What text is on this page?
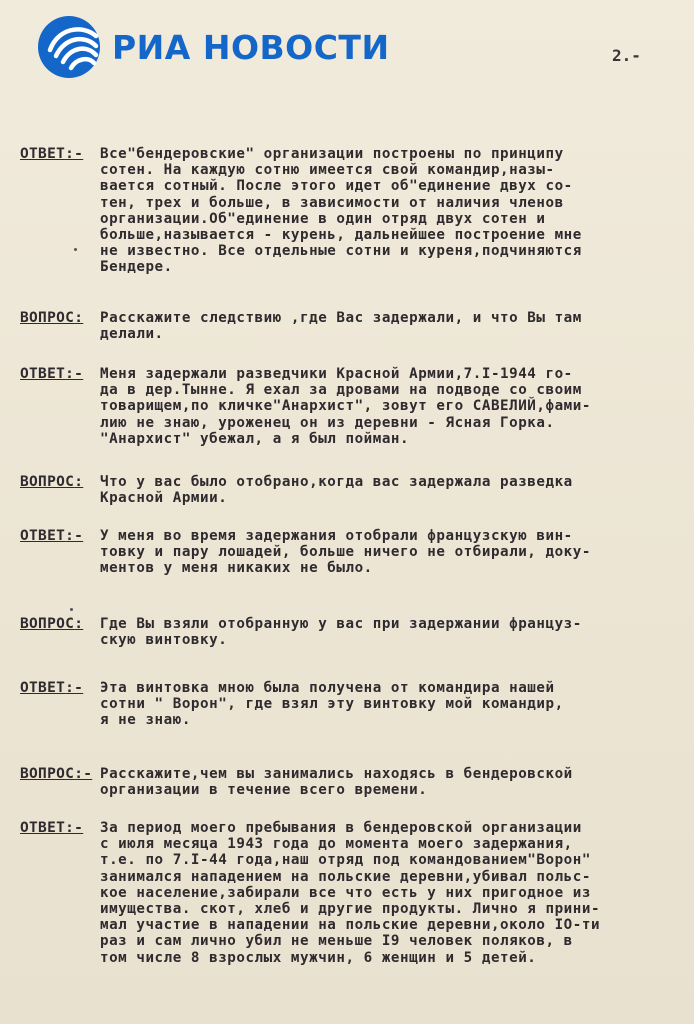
РИА НОВОСТИ	2.-
ОТВЕТ:- Все"бендеровские" организации построены по принципу
сотен. На каждую сотню имеется свой командир,назы-
вается сотный. После этого идет об"единение двух со-
тен, трех и больше, в зависимости от наличия членов
организации.Об"единение в один отряд двух сотен и
больше,называется - курень, дальнейшее построение мне
не известно. Все отдельные сотни и куреня,подчиняются
Бендере.
ВОПРОС: Расскажите следствию ,где Вас задержали, и что Вы там
делали.
ОТВЕТ:- Меня задержали разведчики Красной Армии,7.I-1944 го-
да в дер.Тынне. Я ехал за дровами на подводе со своим
товарищем,по кличке"Анархист", зовут его САВЕЛИЙ,фами-
лию не знаю, уроженец он из деревни - Ясная Горка.
"Анархист" убежал, а я был пойман.
ВОПРОС: Что у вас было отобрано,когда вас задержала разведка
Красной Армии.
ОТВЕТ:- У меня во время задержания отобрали французскую вин-
товку и пару лошадей, больше ничего не отбирали, доку-
ментов у меня никаких не было.
ВОПРОС: Где Вы взяли отобранную у вас при задержании француз-
скую винтовку.
ОТВЕТ:- Эта винтовка мною была получена от командира нашей
сотни " Ворон", где взял эту винтовку мой командир,
я не знаю.
ВОПРОС:- Расскажите,чем вы занимались находясь в бендеровской
организации в течение всего времени.
ОТВЕТ:- За период моего пребывания в бендеровской организации
с июля месяца 1943 года до момента моего задержания,
т.е. по 7.I-44 года,наш отряд под командованием"Ворон"
занимался нападением на польские деревни,убивал польс-
кое население,забирали все что есть у них пригодное из
имущества. скот, хлеб и другие продукты. Лично я прини-
мал участие в нападении на польские деревни,около IO-ти
раз и сам лично убил не меньше I9 человек поляков, в
том числе 8 взрослых мужчин, 6 женщин и 5 детей.
